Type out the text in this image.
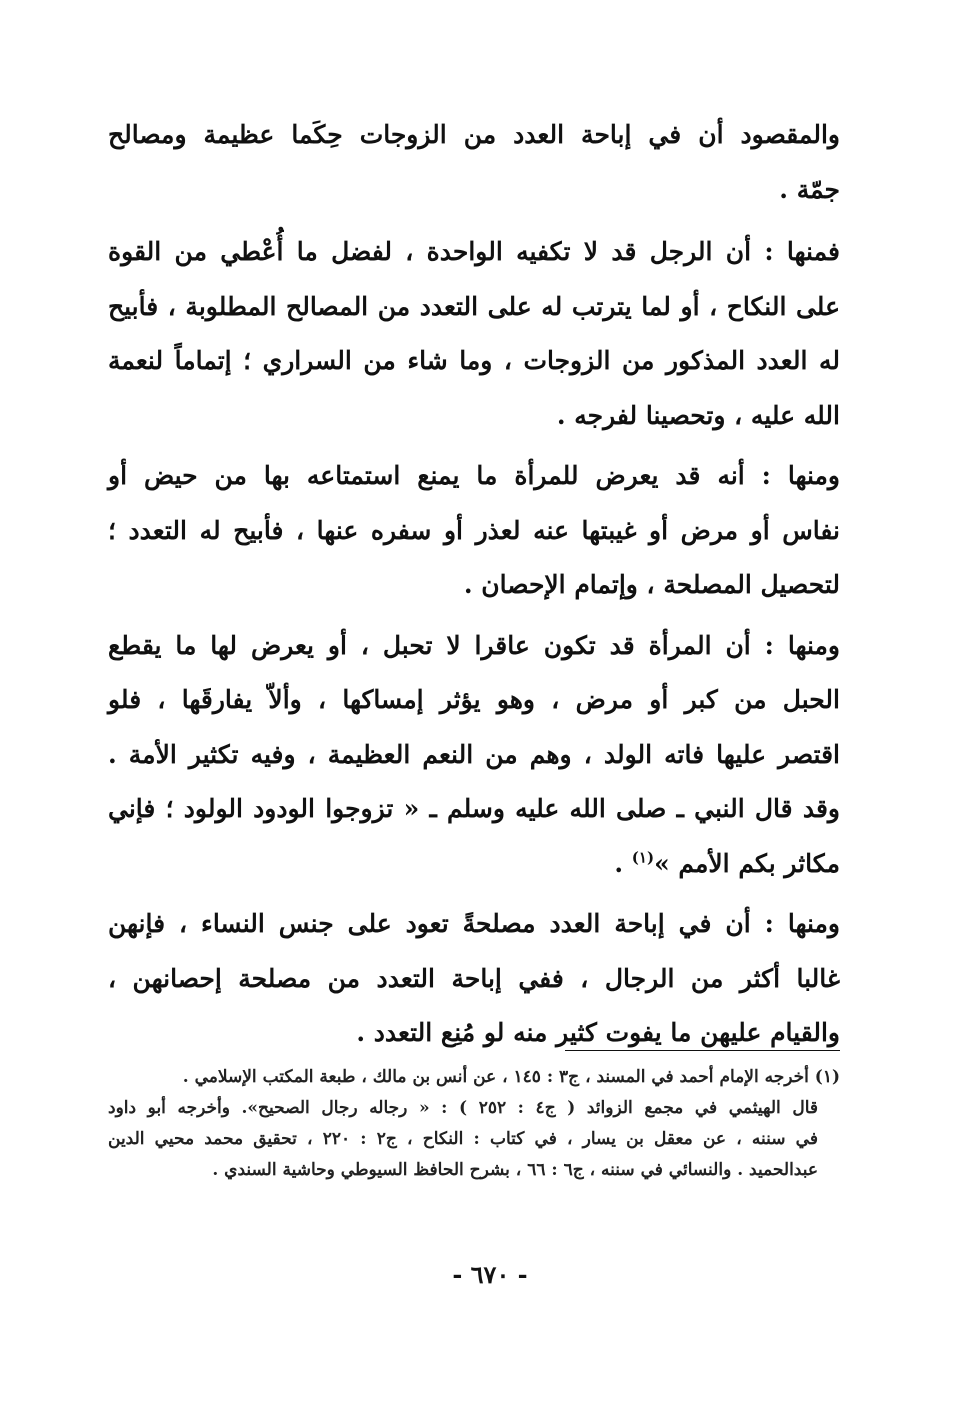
والمقصود أن في إباحة العدد من الزوجات حِكَما عظيمة ومصالح
جمّة .

فمنها : أن الرجل قد لا تكفيه الواحدة ، لفضل ما أُعْطي من القوة
على النكاح ، أو لما يترتب له على التعدد من المصالح المطلوبة ، فأبيح
له العدد المذكور من الزوجات ، وما شاء من السراري ؛ إتماماً لنعمة
الله عليه ، وتحصينا لفرجه .

ومنها : أنه قد يعرض للمرأة ما يمنع استمتاعه بها من حيض أو
نفاس أو مرض أو غيبتها عنه لعذر أو سفره عنها ، فأبيح له التعدد ؛
لتحصيل المصلحة ، وإتمام الإحصان .

ومنها : أن المرأة قد تكون عاقرا لا تحبل ، أو يعرض لها ما يقطع
الحبل من كبر أو مرض ، وهو يؤثر إمساكها ، وألاّ يفارقَها ، فلو
اقتصر عليها فاته الولد ، وهم من النعم العظيمة ، وفيه تكثير الأمة .
وقد قال النبي ـ صلى الله عليه وسلم ـ « تزوجوا الودود الولود ؛ فإني
مكاثر بكم الأمم »$^{(١)}$ .

ومنها : أن في إباحة العدد مصلحةً تعود على جنس النساء ، فإنهن
غالبا أكثر من الرجال ، ففي إباحة التعدد من مصلحة إحصانهن ،
والقيام عليهن ما يفوت كثير منه لو مُنِع التعدد .

(١) أخرجه الإمام أحمد في المسند ، ج٣ : ١٤٥ ، عن أنس بن مالك ، طبعة المكتب الإسلامي .
قال الهيثمي في مجمع الزوائد ( ج٤ : ٢٥٢ ) : « رجاله رجال الصحيح». وأخرجه أبو داود
في سننه ، عن معقل بن يسار ، في كتاب : النكاح ، ج٢ : ٢٢٠ ، تحقيق محمد محيي الدين
عبدالحميد . والنسائي في سننه ، ج٦ : ٦٦ ، بشرح الحافظ السيوطي وحاشية السندي .
- ٦٧٠ -
